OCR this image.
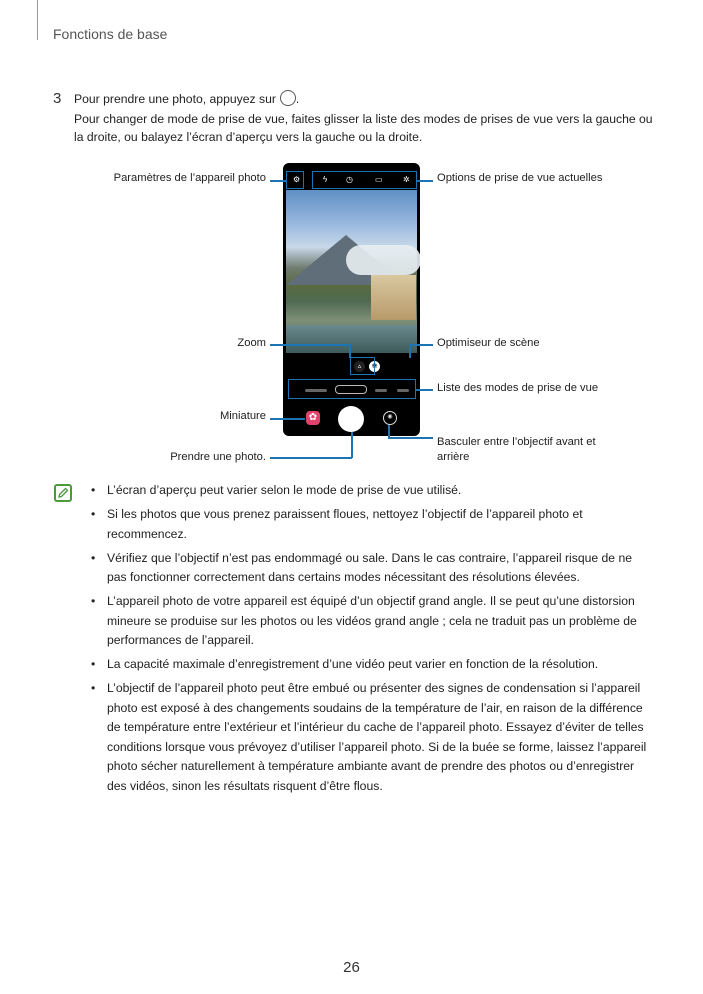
Fonctions de base
3 Pour prendre une photo, appuyez sur .
Pour changer de mode de prise de vue, faites glisser la liste des modes de prises de vue vers la gauche ou
la droite, ou balayez l’écran d’aperçu vers la gauche ou la droite.
⚙	ϟ ◷	▭	✲
▵	❀
✿	◉
Paramètres de l’appareil photo	Options de prise de vue actuelles
Zoom	Optimiseur de scène
Liste des modes de prise de vue
Miniature
Basculer entre l’objectif avant et
arrière
Prendre une photo.
• L’écran d’aperçu peut varier selon le mode de prise de vue utilisé.
• Si les photos que vous prenez paraissent floues, nettoyez l’objectif de l’appareil photo et recommencez.
• Vérifiez que l’objectif n’est pas endommagé ou sale. Dans le cas contraire, l’appareil risque de ne pas fonctionner correctement dans certains modes nécessitant des résolutions élevées.
• L’appareil photo de votre appareil est équipé d’un objectif grand angle. Il se peut qu’une distorsion mineure se produise sur les photos ou les vidéos grand angle ; cela ne traduit pas un problème de performances de l’appareil.
• La capacité maximale d’enregistrement d’une vidéo peut varier en fonction de la résolution.
• L’objectif de l’appareil photo peut être embué ou présenter des signes de condensation si l’appareil photo est exposé à des changements soudains de la température de l’air, en raison de la différence de température entre l’extérieur et l’intérieur du cache de l’appareil photo. Essayez d’éviter de telles conditions lorsque vous prévoyez d’utiliser l’appareil photo. Si de la buée se forme, laissez l’appareil photo sécher naturellement à température ambiante avant de prendre des photos ou d’enregistrer des vidéos, sinon les résultats risquent d’être flous.
26
